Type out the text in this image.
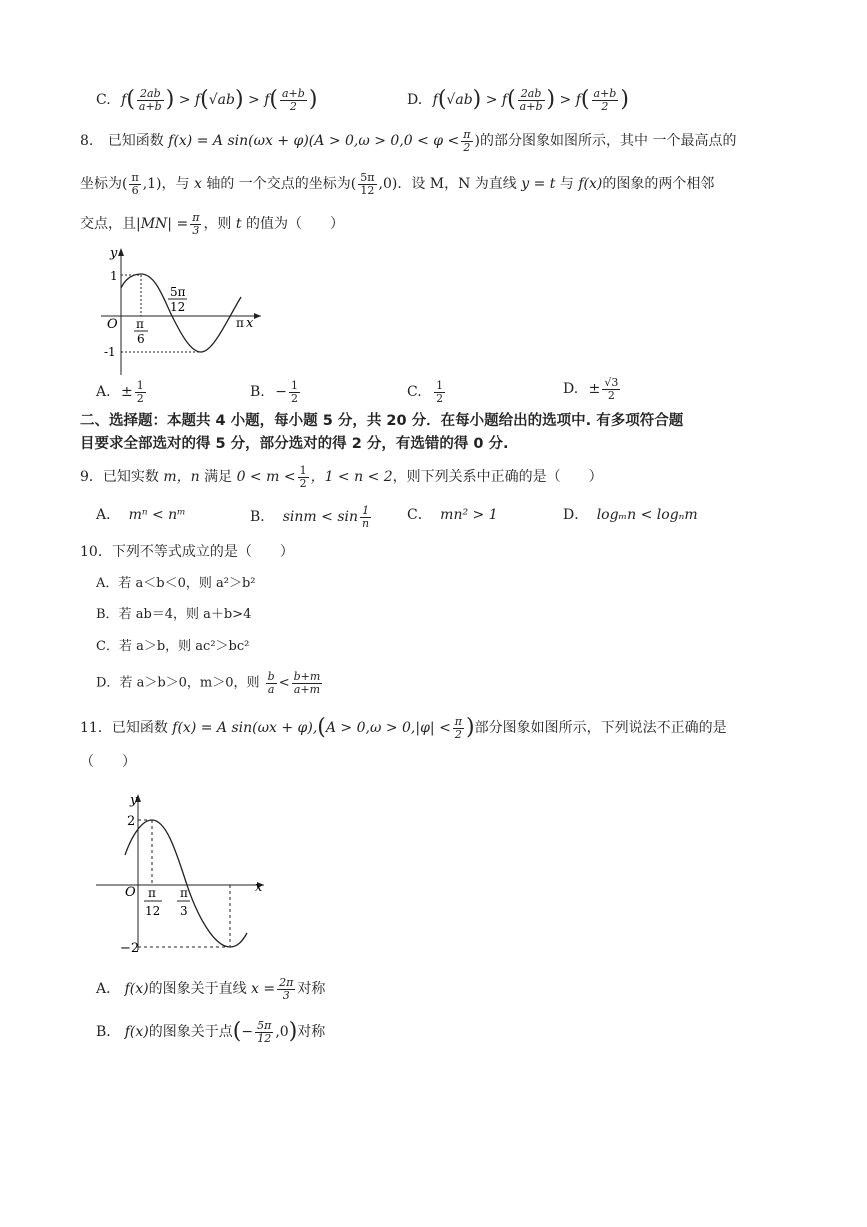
C. $f( \frac{2ab}{a+b}$ ) > $f(√ab) > f( \frac{a+b}{2}$ )	D. $f(√ab) > f( \frac{2ab}{a+b}$ ) > $f( \frac{a+b}{2}$ )
8. 已知函数 f(x) = A $\sin(\omega x + \varphi)(A > 0,\omega > 0,0 < \varphi < \frac{\pi}{2}$ )的部分图象如图所示，其中 一个最高点的
坐标为( $\frac{\pi}{6} ,1$)，与 x 轴的 一个交点的坐标为( $\frac{5\pi}{12} ,0$)．设 M，N 为直线 y = t 与 f(x)的图象的两个相邻
交点，且$|MN| = \frac{\pi}{3}$ ，则 t 的值为（　　）
y
x
1
-1
O	π
π
6
5π
12
A. ± $\frac{1}{2}$	B. − $\frac{1}{2}$	C. $\frac{1}{2}$	D. ± $\frac{√3}{2}$
二、选择题：本题共 4 小题，每小题 5 分，共 20 分．在每小题给出的选项中. 有多项符合题
目要求全部选对的得 5 分，部分选对的得 2 分，有选错的得 0 分.
9．已知实数 m，n 满足 $0 < m < \frac{1}{2}$ ，1 < n < 2，则下列关系中正确的是（　　）
A． mⁿ < nᵐ	B． $\sin m < \sin \frac{1}{n}$	C． mn² > 1	D． logₘn < logₙm
10．下列不等式成立的是（　　）
A．若 a＜b＜0，则 a²＞b²
B．若 ab＝4，则 a＋b>4
C．若 a＞b，则 ac²＞bc²
D．若 a＞b＞0，m＞0，则 $\frac{b}{a} < \frac{b+m}{a+m}$
11．已知函数 f(x) = A $\sin(\omega x + \varphi),(A > 0,\omega > 0,|\varphi| < \frac{\pi}{2}$ )部分图象如图所示，下列说法不正确的是
（　　）
y
x
2
−2
O π
12
π
3
A． f(x)的图象关于直线 $x = \frac{2\pi}{3}$ 对称
B． f(x)的图象关于点(− $\frac{5\pi}{12} ,0$)对称
